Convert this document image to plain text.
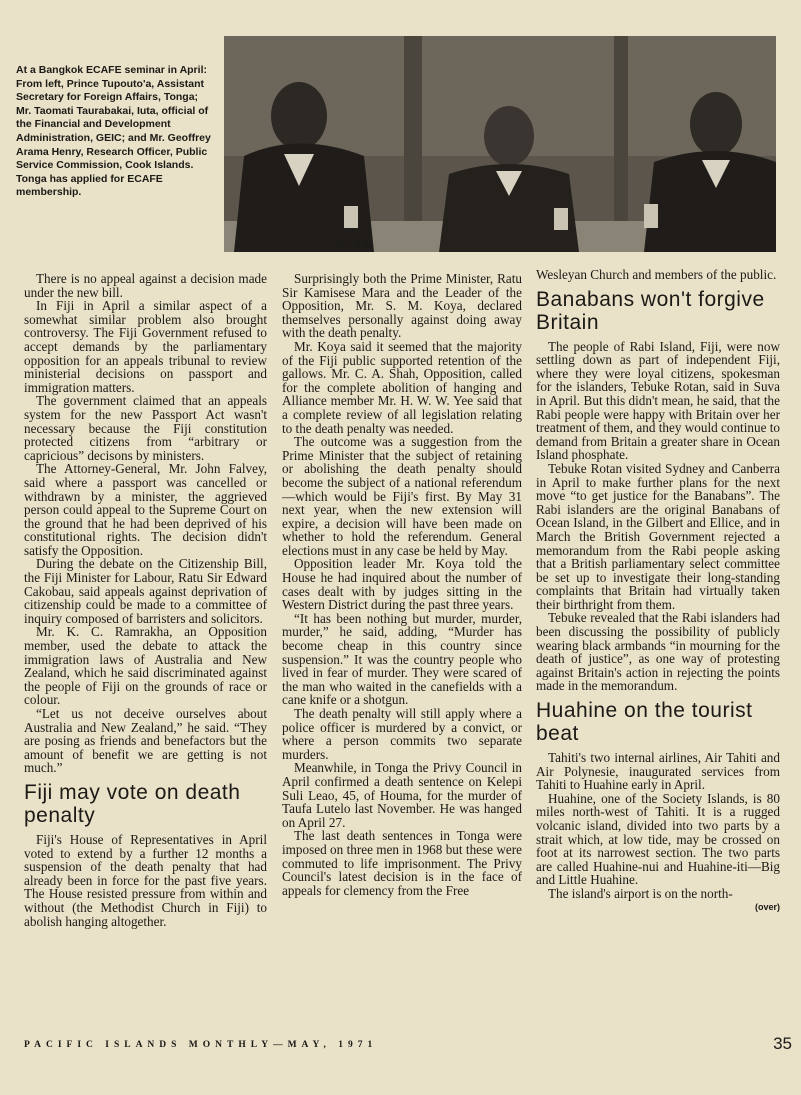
At a Bangkok ECAFE seminar in April: From left, Prince Tupouto'a, Assistant Secretary for Foreign Affairs, Tonga; Mr. Taomati Taurabakai, Iuta, official of the Financial and Development Administration, GEIC; and Mr. Geoffrey Arama Henry, Research Officer, Public Service Commission, Cook Islands. Tonga has applied for ECAFE membership.
TONGA

There is no appeal against a decision made under the new bill.

In Fiji in April a similar aspect of a somewhat similar problem also brought controversy. The Fiji Government refused to accept demands by the parliamentary opposition for an appeals tribunal to review ministerial decisions on passport and immigration matters.

The government claimed that an appeals system for the new Passport Act wasn't necessary because the Fiji constitution protected citizens from “arbitrary or capricious” decisons by ministers.

The Attorney-General, Mr. John Falvey, said where a passport was cancelled or withdrawn by a minister, the aggrieved person could appeal to the Supreme Court on the ground that he had been deprived of his constitutional rights. The decision didn't satisfy the Opposition.

During the debate on the Citizenship Bill, the Fiji Minister for Labour, Ratu Sir Edward Cakobau, said appeals against deprivation of citizenship could be made to a committee of inquiry composed of barristers and solicitors.

Mr. K. C. Ramrakha, an Opposition member, used the debate to attack the immigration laws of Australia and New Zealand, which he said discriminated against the people of Fiji on the grounds of race or colour.

“Let us not deceive ourselves about Australia and New Zealand,” he said. “They are posing as friends and benefactors but the amount of benefit we are getting is not much.”

Fiji may vote on death penalty

Fiji's House of Representatives in April voted to extend by a further 12 months a suspension of the death penalty that had already been in force for the past five years. The House resisted pressure from within and without (the Methodist Church in Fiji) to abolish hanging altogether.

Surprisingly both the Prime Minister, Ratu Sir Kamisese Mara and the Leader of the Opposition, Mr. S. M. Koya, declared themselves personally against doing away with the death penalty.

Mr. Koya said it seemed that the majority of the Fiji public supported retention of the gallows. Mr. C. A. Shah, Opposition, called for the complete abolition of hanging and Alliance member Mr. H. W. W. Yee said that a complete review of all legislation relating to the death penalty was needed.

The outcome was a suggestion from the Prime Minister that the subject of retaining or abolishing the death penalty should become the subject of a national referendum—which would be Fiji's first. By May 31 next year, when the new extension will expire, a decision will have been made on whether to hold the referendum. General elections must in any case be held by May.

Opposition leader Mr. Koya told the House he had inquired about the number of cases dealt with by judges sitting in the Western District during the past three years.

“It has been nothing but murder, murder, murder,” he said, adding, “Murder has become cheap in this country since suspension.” It was the country people who lived in fear of murder. They were scared of the man who waited in the canefields with a cane knife or a shotgun.

The death penalty will still apply where a police officer is murdered by a convict, or where a person commits two separate murders.

Meanwhile, in Tonga the Privy Council in April confirmed a death sentence on Kelepi Suli Leao, 45, of Houma, for the murder of Taufa Lutelo last November. He was hanged on April 27.

The last death sentences in Tonga were imposed on three men in 1968 but these were commuted to life imprisonment. The Privy Council's latest decision is in the face of appeals for clemency from the Free

Wesleyan Church and members of the public.

Banabans won't forgive Britain

The people of Rabi Island, Fiji, were now settling down as part of independent Fiji, where they were loyal citizens, spokesman for the islanders, Tebuke Rotan, said in Suva in April. But this didn't mean, he said, that the Rabi people were happy with Britain over her treatment of them, and they would continue to demand from Britain a greater share in Ocean Island phosphate.

Tebuke Rotan visited Sydney and Canberra in April to make further plans for the next move “to get justice for the Banabans”. The Rabi islanders are the original Banabans of Ocean Island, in the Gilbert and Ellice, and in March the British Government rejected a memorandum from the Rabi people asking that a British parliamentary select committee be set up to investigate their long-standing complaints that Britain had virtually taken their birthright from them.

Tebuke revealed that the Rabi islanders had been discussing the possibility of publicly wearing black armbands “in mourning for the death of justice”, as one way of protesting against Britain's action in rejecting the points made in the memorandum.

Huahine on the tourist beat

Tahiti's two internal airlines, Air Tahiti and Air Polynesie, inaugurated services from Tahiti to Huahine early in April.

Huahine, one of the Society Islands, is 80 miles north-west of Tahiti. It is a rugged volcanic island, divided into two parts by a strait which, at low tide, may be crossed on foot at its narrowest section. The two parts are called Huahine-nui and Huahine-iti—Big and Little Huahine.

The island's airport is on the north-

(over)
PACIFIC ISLANDS MONTHLY—MAY, 1971	35
